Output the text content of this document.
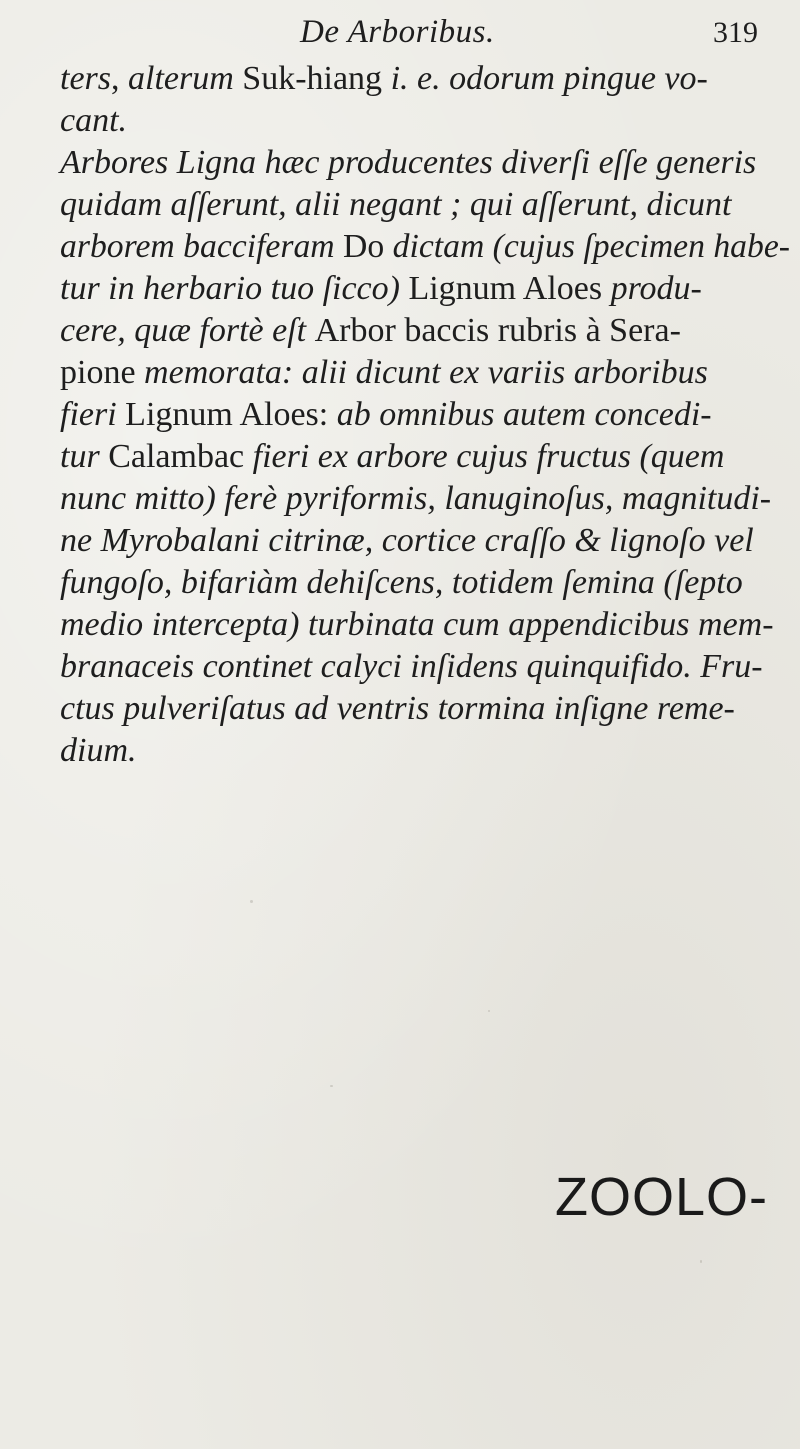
De Arboribus.	319
ters, alterum Suk-hiang i. e. odorum pingue vo-
cant.
Arbores Ligna hæc producentes diverſi eſſe generis
quidam aſſerunt, alii negant ; qui aſſerunt, dicunt
arborem bacciferam Do dictam (cujus ſpecimen habe-
tur in herbario tuo ſicco) Lignum Aloes produ-
cere, quæ fortè eſt Arbor baccis rubris à Sera-
pione memorata: alii dicunt ex variis arboribus
fieri Lignum Aloes: ab omnibus autem concedi-
tur Calambac fieri ex arbore cujus fructus (quem
nunc mitto) ferè pyriformis, lanuginoſus, magnitudi-
ne Myrobalani citrinæ, cortice craſſo & lignoſo vel
fungoſo, bifariàm dehiſcens, totidem ſemina (ſepto
medio intercepta) turbinata cum appendicibus mem-
branaceis continet calyci inſidens quinquifido. Fru-
ctus pulveriſatus ad ventris tormina inſigne reme-
dium.
ZOOLO-
